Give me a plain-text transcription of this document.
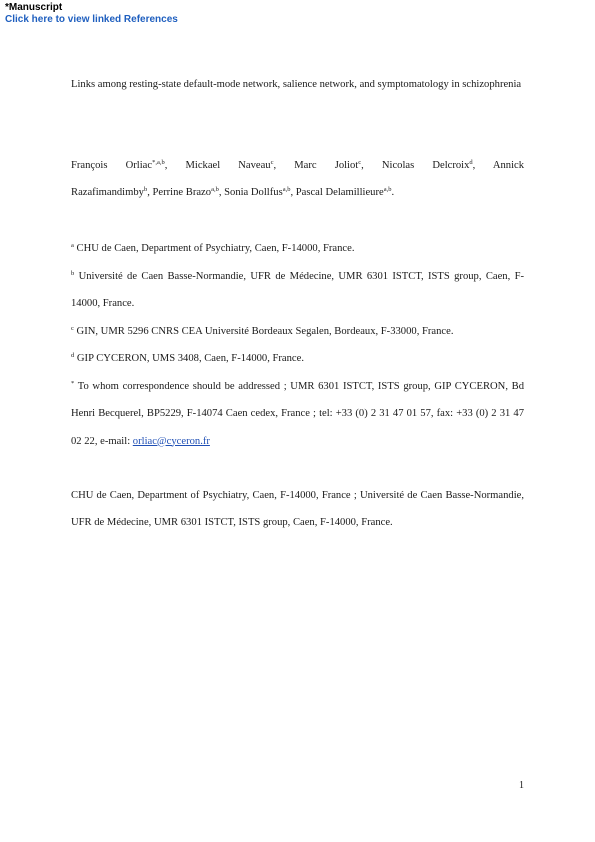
*Manuscript
Click here to view linked References
Links among resting-state default-mode network, salience network, and symptomatology in schizophrenia
François Orliac$^{*,a,b}$, Mickael Naveau$^c$, Marc Joliot$^c$, Nicolas Delcroix$^d$, Annick
Razafimandimby$^b$, Perrine Brazo$^{a,b}$, Sonia Dollfus$^{a,b}$, Pascal Delamillieure$^{a,b}$.

$^a$ CHU de Caen, Department of Psychiatry, Caen, F-14000, France.

$^b$ Université de Caen Basse-Normandie, UFR de Médecine, UMR 6301 ISTCT, ISTS group, Caen, F-14000, France.

$^c$ GIN, UMR 5296 CNRS CEA Université Bordeaux Segalen, Bordeaux, F-33000, France.

$^d$ GIP CYCERON, UMS 3408, Caen, F-14000, France.

* To whom correspondence should be addressed ; UMR 6301 ISTCT, ISTS group, GIP CYCERON, Bd Henri Becquerel, BP5229, F-14074 Caen cedex, France ; tel: +33 (0) 2 31 47 01 57, fax: +33 (0) 2 31 47 02 22, e-mail: orliac@cyceron.fr

CHU de Caen, Department of Psychiatry, Caen, F-14000, France ; Université de Caen Basse-Normandie, UFR de Médecine, UMR 6301 ISTCT, ISTS group, Caen, F-14000, France.
1
